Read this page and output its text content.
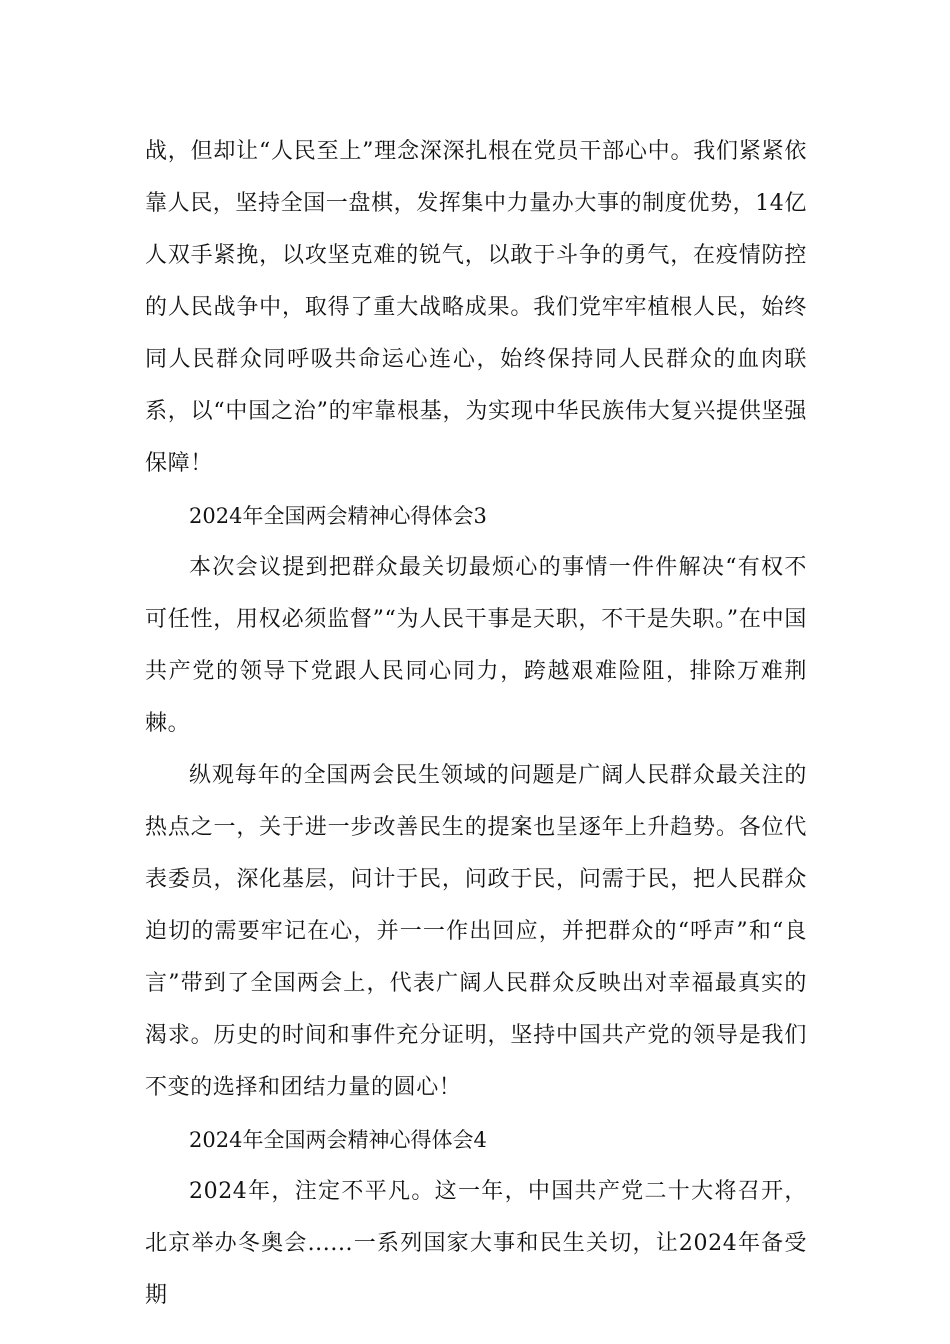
战，但却让“人民至上”理念深深扎根在党员干部心中。我们紧紧依靠人民，坚持全国一盘棋，发挥集中力量办大事的制度优势，14亿人双手紧挽，以攻坚克难的锐气，以敢于斗争的勇气，在疫情防控的人民战争中，取得了重大战略成果。我们党牢牢植根人民，始终同人民群众同呼吸共命运心连心，始终保持同人民群众的血肉联系，以“中国之治”的牢靠根基，为实现中华民族伟大复兴提供坚强保障！

2024年全国两会精神心得体会3

本次会议提到把群众最关切最烦心的事情一件件解决“有权不可任性，用权必须监督”“为人民干事是天职，不干是失职。”在中国共产党的领导下党跟人民同心同力，跨越艰难险阻，排除万难荆棘。

纵观每年的全国两会民生领域的问题是广阔人民群众最关注的热点之一，关于进一步改善民生的提案也呈逐年上升趋势。各位代表委员，深化基层，问计于民，问政于民，问需于民，把人民群众迫切的需要牢记在心，并一一作出回应，并把群众的“呼声”和“良言”带到了全国两会上，代表广阔人民群众反映出对幸福最真实的渴求。历史的时间和事件充分证明，坚持中国共产党的领导是我们不变的选择和团结力量的圆心！

2024年全国两会精神心得体会4

2024年，注定不平凡。这一年，中国共产党二十大将召开，北京举办冬奥会......一系列国家大事和民生关切，让2024年备受期
